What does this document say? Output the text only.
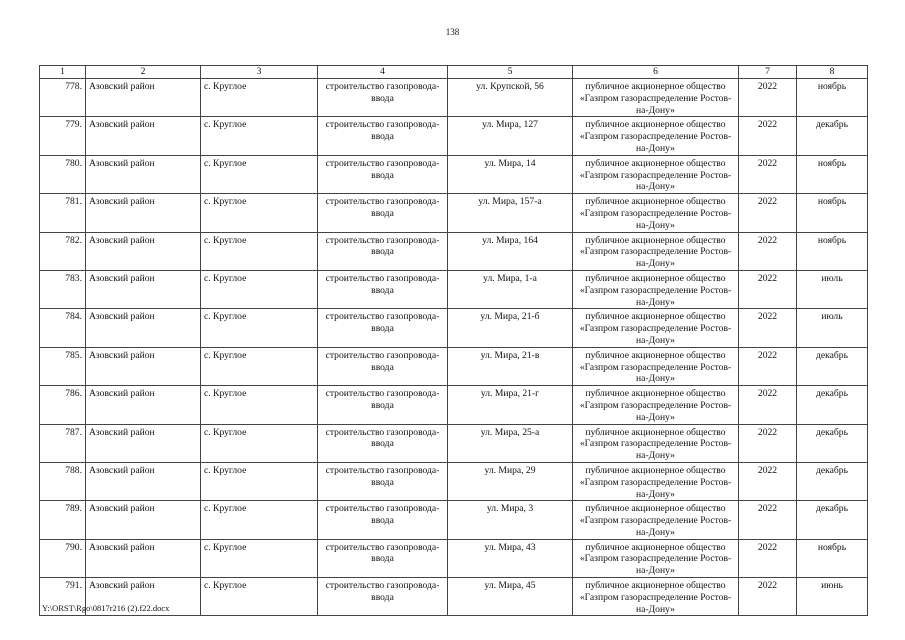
138
1	2	3	4	5	6	7	8
778.	Азовский район	с. Круглое	строительство газопровода-ввода	ул. Крупской, 56	публичное акционерное общество «Газпром газораспределение Ростов-на-Дону»	2022	ноябрь
779.	Азовский район	с. Круглое	строительство газопровода-ввода	ул. Мира, 127	публичное акционерное общество «Газпром газораспределение Ростов-на-Дону»	2022	декабрь
780.	Азовский район	с. Круглое	строительство газопровода-ввода	ул. Мира, 14	публичное акционерное общество «Газпром газораспределение Ростов-на-Дону»	2022	ноябрь
781.	Азовский район	с. Круглое	строительство газопровода-ввода	ул. Мира, 157-а	публичное акционерное общество «Газпром газораспределение Ростов-на-Дону»	2022	ноябрь
782.	Азовский район	с. Круглое	строительство газопровода-ввода	ул. Мира, 164	публичное акционерное общество «Газпром газораспределение Ростов-на-Дону»	2022	ноябрь
783.	Азовский район	с. Круглое	строительство газопровода-ввода	ул. Мира, 1-а	публичное акционерное общество «Газпром газораспределение Ростов-на-Дону»	2022	июль
784.	Азовский район	с. Круглое	строительство газопровода-ввода	ул. Мира, 21-б	публичное акционерное общество «Газпром газораспределение Ростов-на-Дону»	2022	июль
785.	Азовский район	с. Круглое	строительство газопровода-ввода	ул. Мира, 21-в	публичное акционерное общество «Газпром газораспределение Ростов-на-Дону»	2022	декабрь
786.	Азовский район	с. Круглое	строительство газопровода-ввода	ул. Мира, 21-г	публичное акционерное общество «Газпром газораспределение Ростов-на-Дону»	2022	декабрь
787.	Азовский район	с. Круглое	строительство газопровода-ввода	ул. Мира, 25-а	публичное акционерное общество «Газпром газораспределение Ростов-на-Дону»	2022	декабрь
788.	Азовский район	с. Круглое	строительство газопровода-ввода	ул. Мира, 29	публичное акционерное общество «Газпром газораспределение Ростов-на-Дону»	2022	декабрь
789.	Азовский район	с. Круглое	строительство газопровода-ввода	ул. Мира, 3	публичное акционерное общество «Газпром газораспределение Ростов-на-Дону»	2022	декабрь
790.	Азовский район	с. Круглое	строительство газопровода-ввода	ул. Мира, 43	публичное акционерное общество «Газпром газораспределение Ростов-на-Дону»	2022	ноябрь
791.	Азовский район	с. Круглое	строительство газопровода-ввода	ул. Мира, 45	публичное акционерное общество «Газпром газораспределение Ростов-на-Дону»	2022	июнь
Y:\ORST\Rgo\0817r216 (2).f22.docx
